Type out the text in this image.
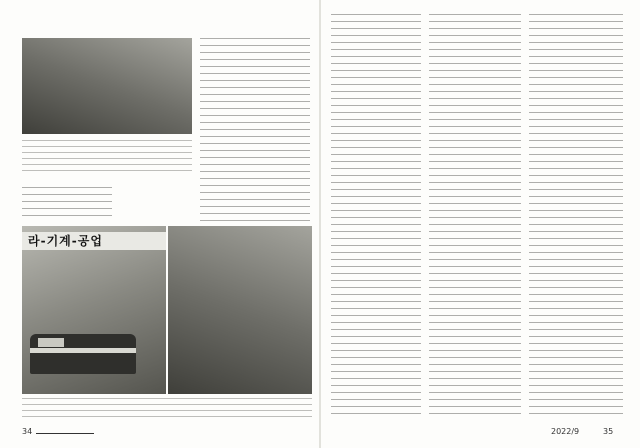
라-기계-공업
34	2022/9	35
